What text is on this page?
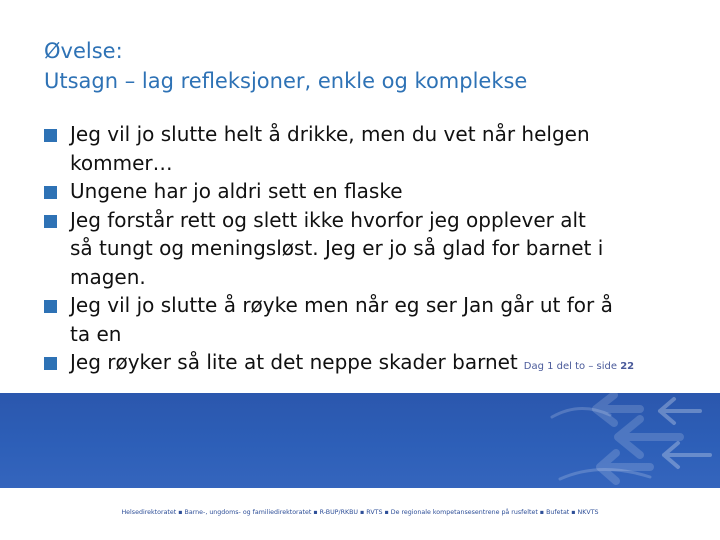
Øvelse:
Utsagn – lag refleksjoner, enkle og komplekse
Jeg vil jo slutte helt å drikke, men du vet når helgen
kommer…
Ungene har jo aldri sett en flaske
Jeg forstår rett og slett ikke hvorfor jeg opplever alt
så tungt og meningsløst. Jeg er jo så glad for barnet i
magen.
Jeg vil jo slutte å røyke men når eg ser Jan går ut for å
ta en
Jeg røyker så lite at det neppe skader barnet Dag 1 del to – side 22
Helsedirektoratet ▪ Barne-, ungdoms- og familiedirektoratet ▪ R-BUP/RKBU ▪ RVTS ▪ De regionale kompetansesentrene på rusfeltet ▪ Bufetat ▪ NKVTS
